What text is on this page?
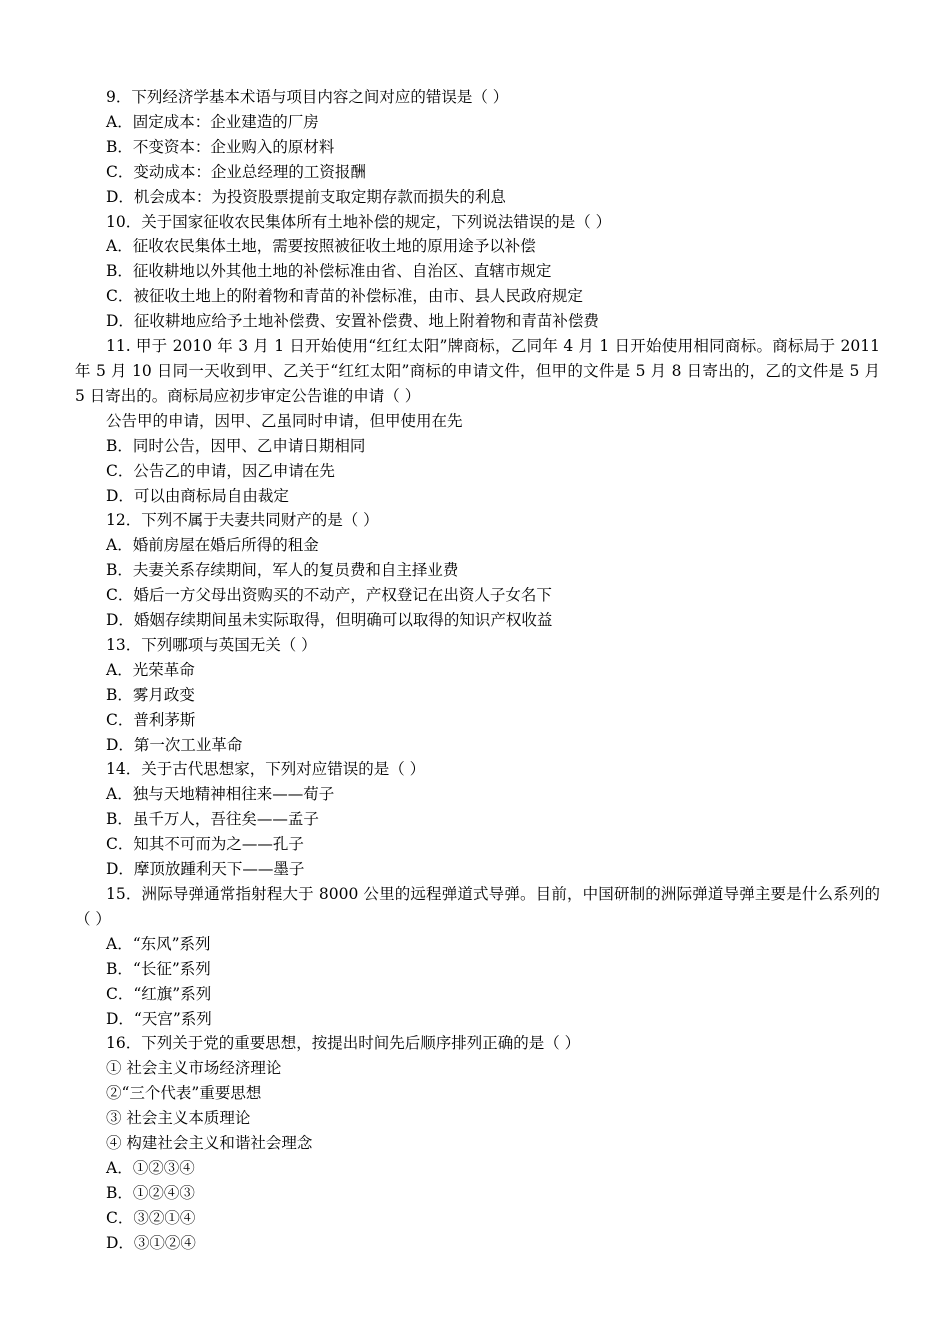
9．下列经济学基本术语与项目内容之间对应的错误是（ ）
A．固定成本：企业建造的厂房
B．不变资本：企业购入的原材料
C．变动成本：企业总经理的工资报酬
D．机会成本：为投资股票提前支取定期存款而损失的利息
10．关于国家征收农民集体所有土地补偿的规定，下列说法错误的是（ ）
A．征收农民集体土地，需要按照被征收土地的原用途予以补偿
B．征收耕地以外其他土地的补偿标准由省、自治区、直辖市规定
C．被征收土地上的附着物和青苗的补偿标准，由市、县人民政府规定
D．征收耕地应给予土地补偿费、安置补偿费、地上附着物和青苗补偿费
11. 甲于 2010 年 3 月 1 日开始使用“红红太阳”牌商标，乙同年 4 月 1 日开始使用相同商标。商标局于 2011 年 5 月 10 日同一天收到甲、乙关于“红红太阳”商标的申请文件，但甲的文件是 5 月 8 日寄出的，乙的文件是 5 月 5 日寄出的。商标局应初步审定公告谁的申请（ ）
公告甲的申请，因甲、乙虽同时申请，但甲使用在先
B．同时公告，因甲、乙申请日期相同
C．公告乙的申请，因乙申请在先
D．可以由商标局自由裁定
12．下列不属于夫妻共同财产的是（ ）
A．婚前房屋在婚后所得的租金
B．夫妻关系存续期间，军人的复员费和自主择业费
C．婚后一方父母出资购买的不动产，产权登记在出资人子女名下
D．婚姻存续期间虽未实际取得，但明确可以取得的知识产权收益
13．下列哪项与英国无关（ ）
A．光荣革命
B．雾月政变
C．普利茅斯
D．第一次工业革命
14．关于古代思想家，下列对应错误的是（ ）
A．独与天地精神相往来——荀子
B．虽千万人，吾往矣——孟子
C．知其不可而为之——孔子
D．摩顶放踵利天下——墨子
15．洲际导弹通常指射程大于 8000 公里的远程弹道式导弹。目前，中国研制的洲际弹道导弹主要是什么系列的（ ）
A．“东风”系列
B．“长征”系列
C．“红旗”系列
D．“天宫”系列
16．下列关于党的重要思想，按提出时间先后顺序排列正确的是（ ）
① 社会主义市场经济理论
②“三个代表”重要思想
③ 社会主义本质理论
④ 构建社会主义和谐社会理念
A．①②③④
B．①②④③
C．③②①④
D．③①②④
